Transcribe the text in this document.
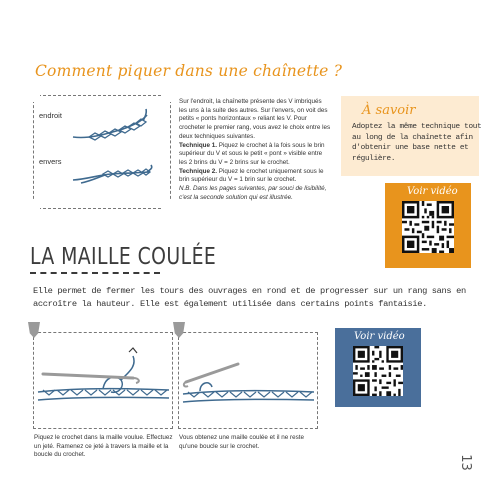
Comment piquer dans une chaînette ?
endroit
envers
Sur l'endroit, la chaînette présente des V imbriqués les uns à la suite des autres. Sur l'envers, on voit des petits « ponts horizontaux » reliant les V. Pour crocheter le premier rang, vous avez le choix entre les deux techniques suivantes.
Technique 1. Piquez le crochet à la fois sous le brin supérieur du V et sous le petit « pont » visible entre les 2 brins du V = 2 brins sur le crochet.
Technique 2. Piquez le crochet uniquement sous le brin supérieur du V = 1 brin sur le crochet.
N.B. Dans les pages suivantes, par souci de lisibilité, c'est la seconde solution qui est illustrée.
À savoir
Adoptez la même technique tout au long de la chaînette afin d'obtenir une base nette et régulière.
Voir vidéo
LA MAILLE COULÉE
Elle permet de fermer les tours des ouvrages en rond et de progresser sur un rang sans en accroître la hauteur. Elle est également utilisée dans certains points fantaisie.
Piquez le crochet dans la maille voulue. Effectuez un jeté. Ramenez ce jeté à travers la maille et la boucle du crochet.
Vous obtenez une maille coulée et il ne reste qu'une boucle sur le crochet.
Voir vidéo
13
